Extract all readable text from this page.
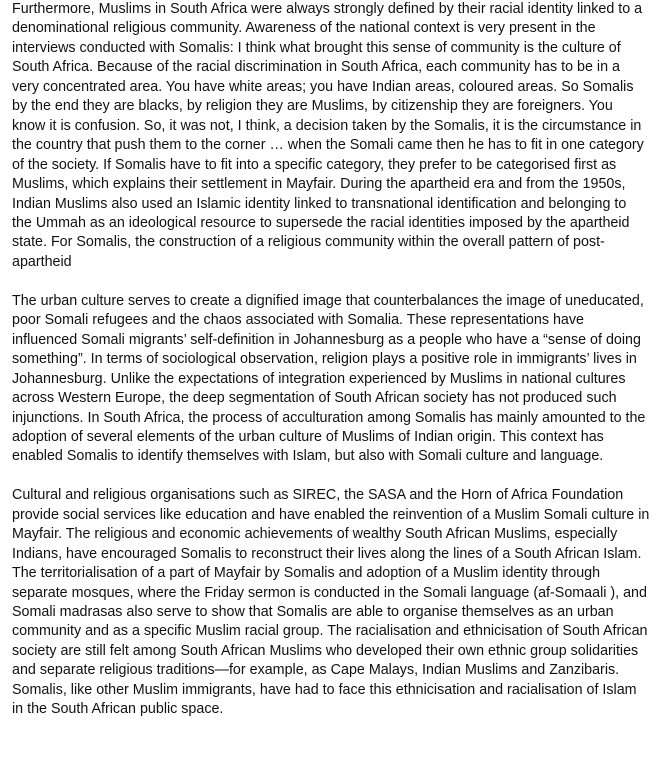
Furthermore, Muslims in South Africa were always strongly defined by their racial identity linked to a denominational religious community. Awareness of the national context is very present in the interviews conducted with Somalis: I think what brought this sense of community is the culture of South Africa. Because of the racial discrimination in South Africa, each community has to be in a very concentrated area. You have white areas; you have Indian areas, coloured areas. So Somalis by the end they are blacks, by religion they are Muslims, by citizenship they are foreigners. You know it is confusion. So, it was not, I think, a decision taken by the Somalis, it is the circumstance in the country that push them to the corner … when the Somali came then he has to fit in one category of the society. If Somalis have to fit into a specific category, they prefer to be categorised first as Muslims, which explains their settlement in Mayfair. During the apartheid era and from the 1950s, Indian Muslims also used an Islamic identity linked to transnational identification and belonging to the Ummah as an ideological resource to supersede the racial identities imposed by the apartheid state. For Somalis, the construction of a religious community within the overall pattern of post-apartheid

The urban culture serves to create a dignified image that counterbalances the image of uneducated, poor Somali refugees and the chaos associated with Somalia. These representations have influenced Somali migrants’ self-definition in Johannesburg as a people who have a “sense of doing something”. In terms of sociological observation, religion plays a positive role in immigrants’ lives in Johannesburg. Unlike the expectations of integration experienced by Muslims in national cultures across Western Europe, the deep segmentation of South African society has not produced such injunctions. In South Africa, the process of acculturation among Somalis has mainly amounted to the adoption of several elements of the urban culture of Muslims of Indian origin. This context has enabled Somalis to identify themselves with Islam, but also with Somali culture and language.

Cultural and religious organisations such as SIREC, the SASA and the Horn of Africa Foundation provide social services like education and have enabled the reinvention of a Muslim Somali culture in Mayfair. The religious and economic achievements of wealthy South African Muslims, especially Indians, have encouraged Somalis to reconstruct their lives along the lines of a South African Islam. The territorialisation of a part of Mayfair by Somalis and adoption of a Muslim identity through separate mosques, where the Friday sermon is conducted in the Somali language (af-Somaali ), and Somali madrasas also serve to show that Somalis are able to organise themselves as an urban community and as a specific Muslim racial group. The racialisation and ethnicisation of South African society are still felt among South African Muslims who developed their own ethnic group solidarities and separate religious traditions—for example, as Cape Malays, Indian Muslims and Zanzibaris. Somalis, like other Muslim immigrants, have had to face this ethnicisation and racialisation of Islam in the South African public space.
